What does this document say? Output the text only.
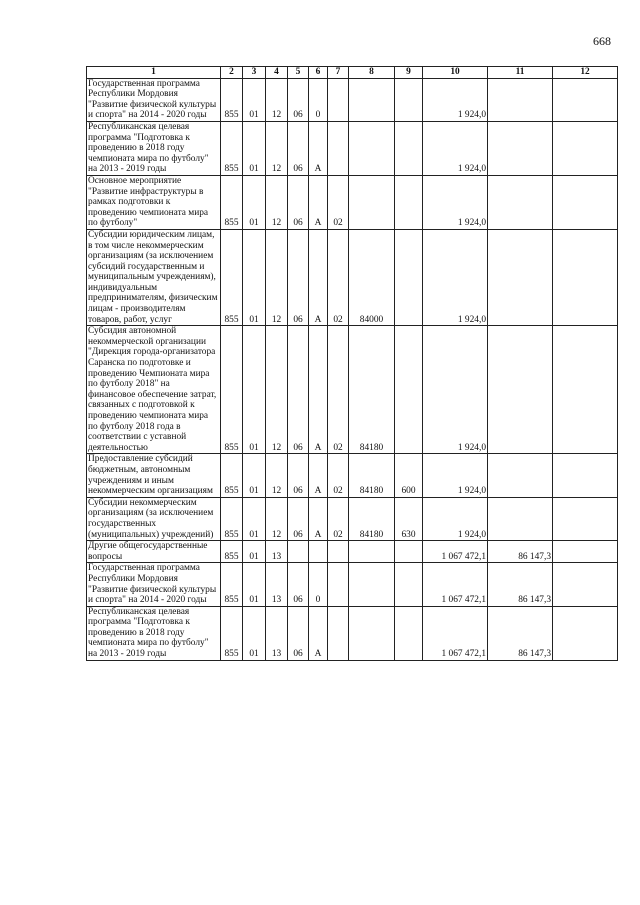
668
1	2	3	4	5	6	7	8	9	10	11	12
Государственная программа Республики Мордовия "Развитие физической культуры и спорта" на 2014 - 2020 годы	855	01	12	06	0				1 924,0		
Республиканская целевая программа "Подготовка к проведению в 2018 году чемпионата мира по футболу" на 2013 - 2019 годы	855	01	12	06	А				1 924,0		
Основное мероприятие "Развитие инфраструктуры в рамках подготовки к проведению чемпионата мира по футболу"	855	01	12	06	А	02			1 924,0		
Субсидии юридическим лицам, в том числе некоммерческим организациям (за исключением субсидий государственным и муниципальным учреждениям), индивидуальным предпринимателям, физическим лицам - производителям товаров, работ, услуг	855	01	12	06	А	02	84000		1 924,0		
Субсидия автономной некоммерческой организации "Дирекция города-организатора Саранска по подготовке и проведению Чемпионата мира по футболу 2018" на финансовое обеспечение затрат, связанных с подготовкой к проведению чемпионата мира по футболу 2018 года в соответствии с уставной деятельностью	855	01	12	06	А	02	84180		1 924,0		
Предоставление субсидий бюджетным, автономным учреждениям и иным некоммерческим организациям	855	01	12	06	А	02	84180	600	1 924,0		
Субсидии некоммерческим организациям (за исключением государственных (муниципальных) учреждений)	855	01	12	06	А	02	84180	630	1 924,0		
Другие общегосударственные вопросы	855	01	13						1 067 472,1	86 147,3	
Государственная программа Республики Мордовия "Развитие физической культуры и спорта" на 2014 - 2020 годы	855	01	13	06	0				1 067 472,1	86 147,3	
Республиканская целевая программа "Подготовка к проведению в 2018 году чемпионата мира по футболу" на 2013 - 2019 годы	855	01	13	06	А				1 067 472,1	86 147,3	
